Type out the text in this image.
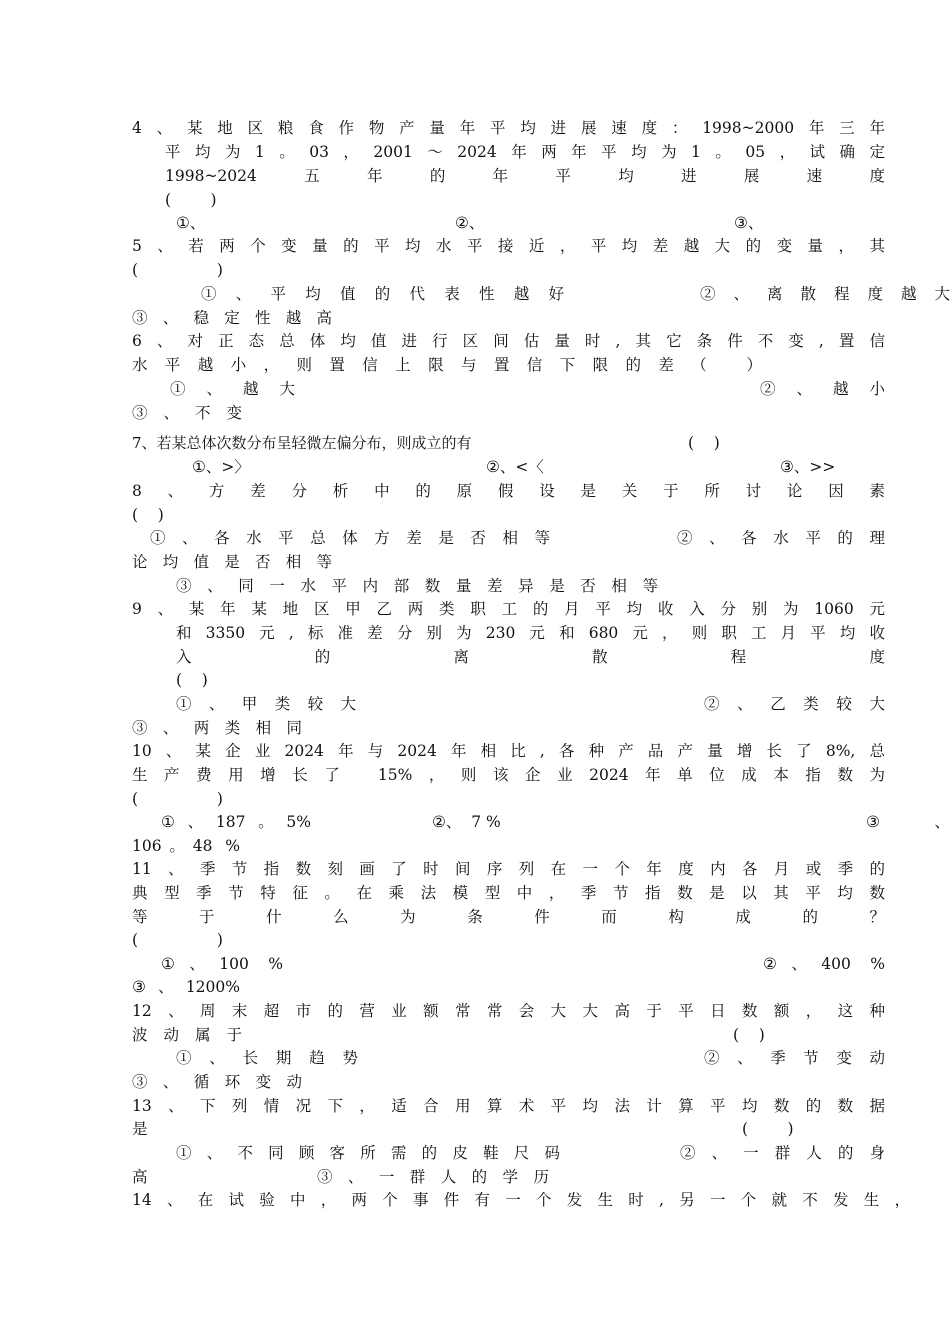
4、某地区粮食作物产量年平均进展速度：1998~2000年三年
平均为1。03，2001～2024年两年平均为1。05，试确定
1998~2024五年的年平均进展速度
(        )
①、	②、	③、
5、若两个变量的平均水平接近，平均差越大的变量，其
(                )
①、平均值的代表性越好	②、离散程度越大
③、稳定性越高
6、对正态总体均值进行区间估量时,其它条件不变,置信
水平越小，则置信上限与置信下限的差（ ）
①、越大	②、越小
③、不变
7、若某总体次数分布呈轻微左偏分布，则成立的有	(    )
①、>〉	②、<〈	③、>>
8、方差分析中的原假设是关于所讨论因素
(    )
①、各水平总体方差是否相等	②、各水平的理
论均值是否相等
③、同一水平内部数量差异是否相等
9、某年某地区甲乙两类职工的月平均收入分别为1060元
和3350元,标准差分别为230元和680元，则职工月平均收
入的离散程度
(    )
①、甲类较大	②、乙类较大
③、两类相同
10、某企业2024年与2024年相比,各种产品产量增长了8%,总
生产费用增长了 15%，则该企业2024年单位成本指数为
(                )
①、187。5%	②、  7 %	③、
106。48 %
11、季节指数刻画了时间序列在一个年度内各月或季的
典型季节特征。在乘法模型中，季节指数是以其平均数
等于什么为条件而构成的？
(                )
①、100 %	②、400 %
③、1200%
12、周末超市的营业额常常会大大高于平日数额，这种
波动属于	(    )
①、长期趋势	②、季节变动
③、循环变动
13、下列情况下，适合用算术平均法计算平均数的数据
是	(        )
①、不同顾客所需的皮鞋尺码	②、一群人的身
高	③、一群人的学历
14、在试验中，两个事件有一个发生时,另一个就不发生，
